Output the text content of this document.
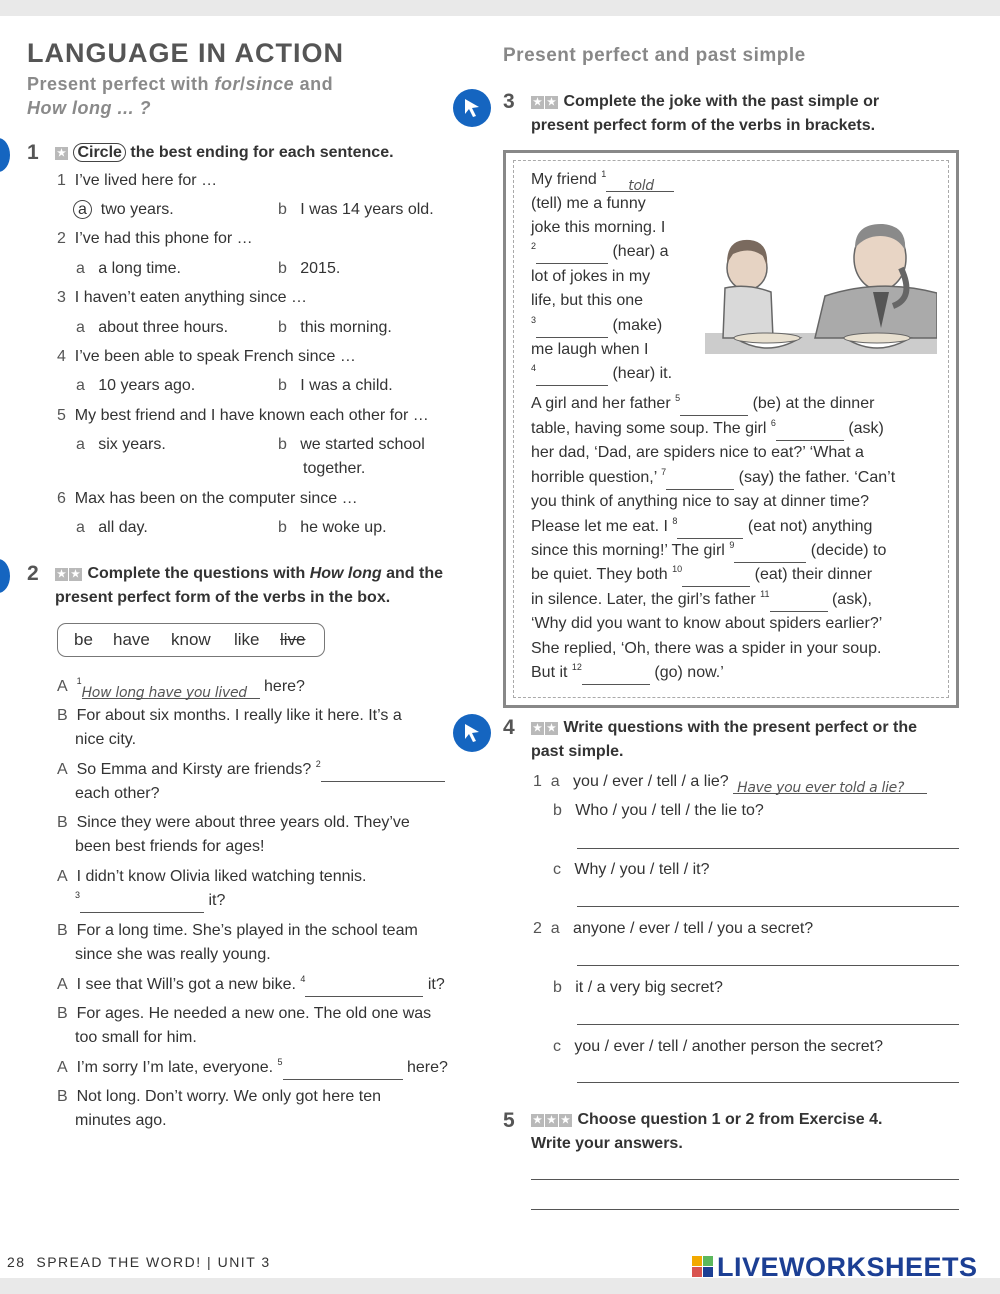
LANGUAGE IN ACTION
Present perfect with for/since and
How long ... ?
Present perfect and past simple
1 ★ Circle the best ending for each sentence.
1 I’ve lived here for …
a two years.	b I was 14 years old.
2 I’ve had this phone for …
a a long time.	b 2015.
3 I haven’t eaten anything since …
a about three hours.	b this morning.
4 I’ve been able to speak French since …
a 10 years ago.	b I was a child.
5 My best friend and I have known each other for …
a six years.	b we started school
together.
6 Max has been on the computer since …
a all day.	b he woke up.
2 ★ ★ Complete the questions with How long and the
present perfect form of the verbs in the box.
be have know like live
A $^1$How long have you lived here?
B For about six months. I really like it here. It’s a
nice city.
A So Emma and Kirsty are friends? $^2$
each other?
B Since they were about three years old. They’ve
been best friends for ages!
A I didn’t know Olivia liked watching tennis.
$^3$	it?
B For a long time. She’s played in the school team
since she was really young.
A I see that Will’s got a new bike. $^4$	it?
B For ages. He needed a new one. The old one was
too small for him.
A I’m sorry I’m late, everyone. $^5$	here?
B Not long. Don’t worry. We only got here ten
minutes ago.
3 ★ ★ Complete the joke with the past simple or
present perfect form of the verbs in brackets.
My friend $^1$told
(tell) me a funny
joke this morning. I
$^2$	(hear) a
lot of jokes in my
life, but this one
$^3$	(make)
me laugh when I
$^4$	(hear) it.
A girl and her father $^5$	(be) at the dinner
table, having some soup. The girl $^6$	(ask)
her dad, ‘Dad, are spiders nice to eat?’ ‘What a
horrible question,’ $^7$	(say) the father. ‘Can’t
you think of anything nice to say at dinner time?
Please let me eat. I $^8$	(eat not) anything
since this morning!’ The girl $^9$	(decide) to
be quiet. They both $^{10}$	(eat) their dinner
in silence. Later, the girl’s father $^{11}$	(ask),
‘Why did you want to know about spiders earlier?’
She replied, ‘Oh, there was a spider in your soup.
But it $^{12}$	(go) now.’
4 ★ ★ Write questions with the present perfect or the
past simple.
1 a you / ever / tell / a lie? Have you ever told a lie?
b Who / you / tell / the lie to?
c Why / you / tell / it?
2 a anyone / ever / tell / you a secret?
b it / a very big secret?
c you / ever / tell / another person the secret?
5 ★ ★ ★ Choose question 1 or 2 from Exercise 4.
Write your answers.
28 SPREAD THE WORD! | UNIT 3	LIVEWORKSHEETS
